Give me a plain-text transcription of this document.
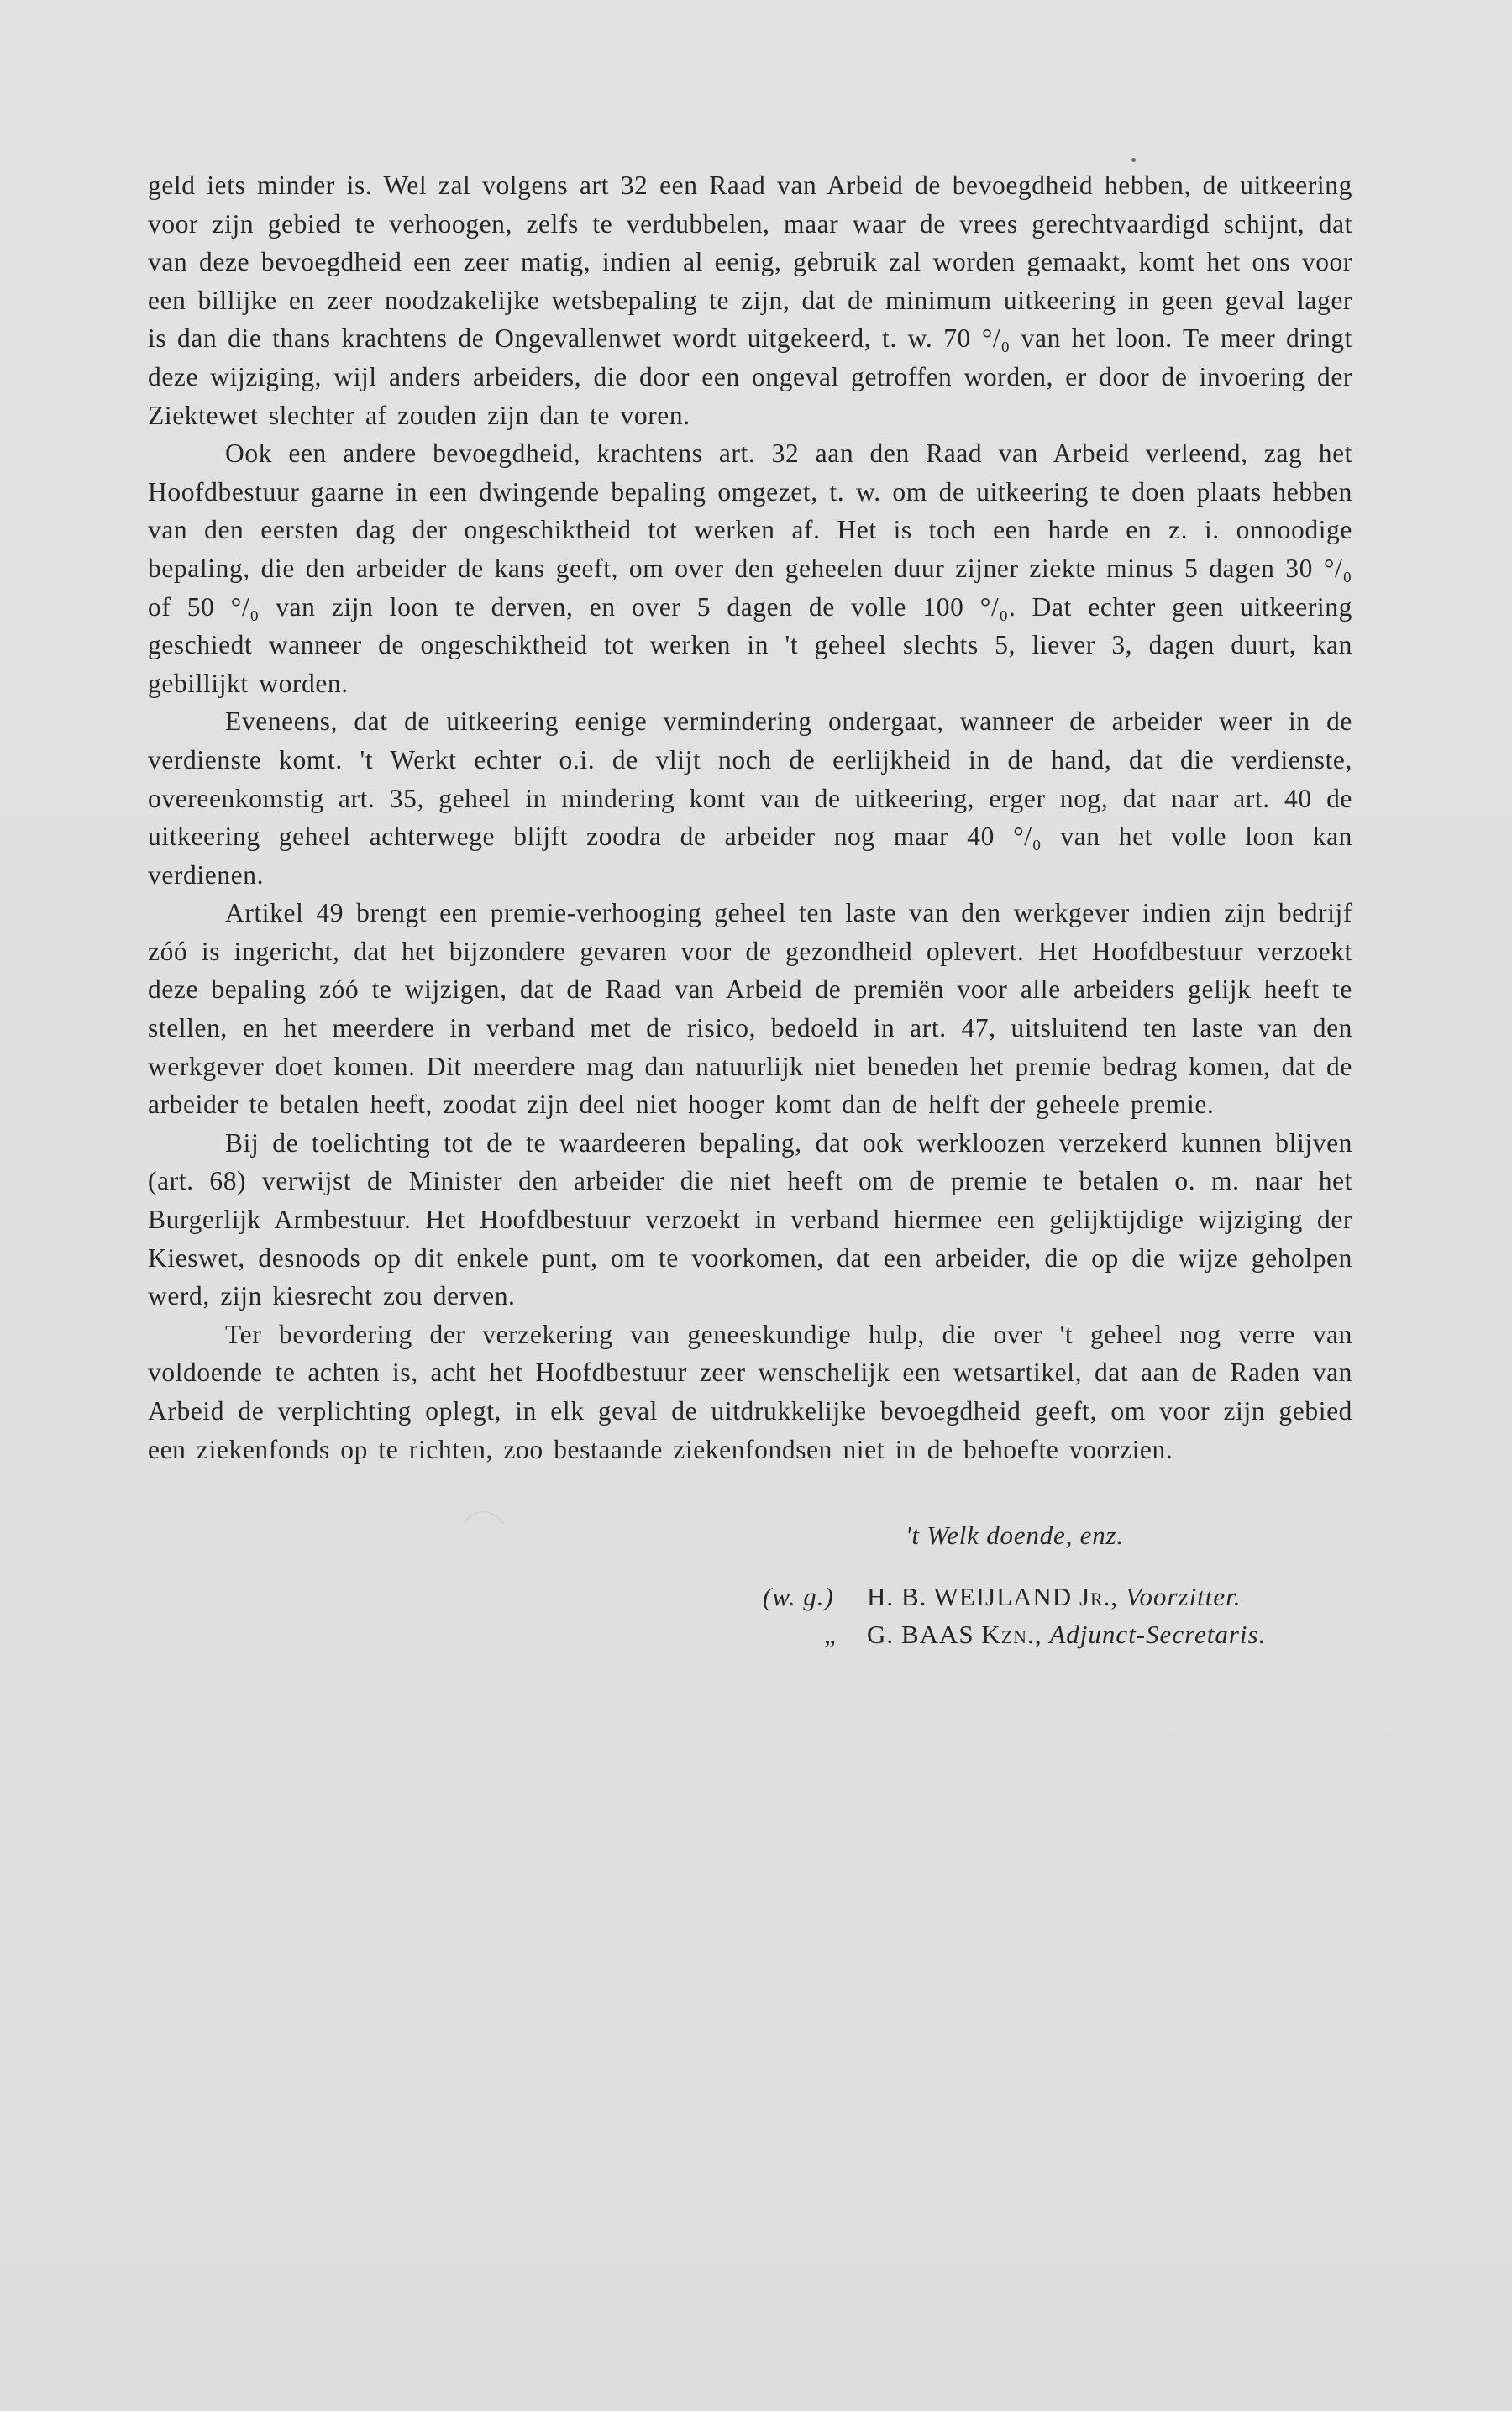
geld iets minder is. Wel zal volgens art 32 een Raad van Arbeid de bevoegdheid hebben, de uitkeering voor zijn gebied te verhoogen, zelfs te verdubbelen, maar waar de vrees gerechtvaardigd schijnt, dat van deze bevoegdheid een zeer matig, indien al eenig, gebruik zal worden gemaakt, komt het ons voor een billijke en zeer noodzakelijke wetsbepaling te zijn, dat de minimum uitkeering in geen geval lager is dan die thans krachtens de Ongevallenwet wordt uitgekeerd, t. w. 70 °/₀ van het loon. Te meer dringt deze wijziging, wijl anders arbeiders, die door een ongeval getroffen worden, er door de invoering der Ziektewet slechter af zouden zijn dan te voren.

Ook een andere bevoegdheid, krachtens art. 32 aan den Raad van Arbeid verleend, zag het Hoofdbestuur gaarne in een dwingende bepaling omgezet, t. w. om de uitkeering te doen plaats hebben van den eersten dag der ongeschiktheid tot werken af. Het is toch een harde en z. i. onnoodige bepaling, die den arbeider de kans geeft, om over den geheelen duur zijner ziekte minus 5 dagen 30 °/₀ of 50 °/₀ van zijn loon te derven, en over 5 dagen de volle 100 °/₀. Dat echter geen uitkeering geschiedt wanneer de ongeschiktheid tot werken in 't geheel slechts 5, liever 3, dagen duurt, kan gebillijkt worden.

Eveneens, dat de uitkeering eenige vermindering ondergaat, wanneer de arbeider weer in de verdienste komt. 't Werkt echter o.i. de vlijt noch de eerlijkheid in de hand, dat die verdienste, overeenkomstig art. 35, geheel in mindering komt van de uitkeering, erger nog, dat naar art. 40 de uitkeering geheel achterwege blijft zoodra de arbeider nog maar 40 °/₀ van het volle loon kan verdienen.

Artikel 49 brengt een premie-verhooging geheel ten laste van den werkgever indien zijn bedrijf zóó is ingericht, dat het bijzondere gevaren voor de gezondheid oplevert. Het Hoofdbestuur verzoekt deze bepaling zóó te wijzigen, dat de Raad van Arbeid de premiën voor alle arbeiders gelijk heeft te stellen, en het meerdere in verband met de risico, bedoeld in art. 47, uitsluitend ten laste van den werkgever doet komen. Dit meerdere mag dan natuurlijk niet beneden het premie bedrag komen, dat de arbeider te betalen heeft, zoodat zijn deel niet hooger komt dan de helft der geheele premie.

Bij de toelichting tot de te waardeeren bepaling, dat ook werkloozen verzekerd kunnen blijven (art. 68) verwijst de Minister den arbeider die niet heeft om de premie te betalen o. m. naar het Burgerlijk Armbestuur. Het Hoofdbestuur verzoekt in verband hiermee een gelijktijdige wijziging der Kieswet, desnoods op dit enkele punt, om te voorkomen, dat een arbeider, die op die wijze geholpen werd, zijn kiesrecht zou derven.

Ter bevordering der verzekering van geneeskundige hulp, die over 't geheel nog verre van voldoende te achten is, acht het Hoofdbestuur zeer wenschelijk een wetsartikel, dat aan de Raden van Arbeid de verplichting oplegt, in elk geval de uitdrukkelijke bevoegdheid geeft, om voor zijn gebied een ziekenfonds op te richten, zoo bestaande ziekenfondsen niet in de behoefte voorzien.

't Welk doende, enz.
(w. g.) H. B. WEIJLAND Jr., Voorzitter.
„ G. BAAS Kzn., Adjunct-Secretaris.
